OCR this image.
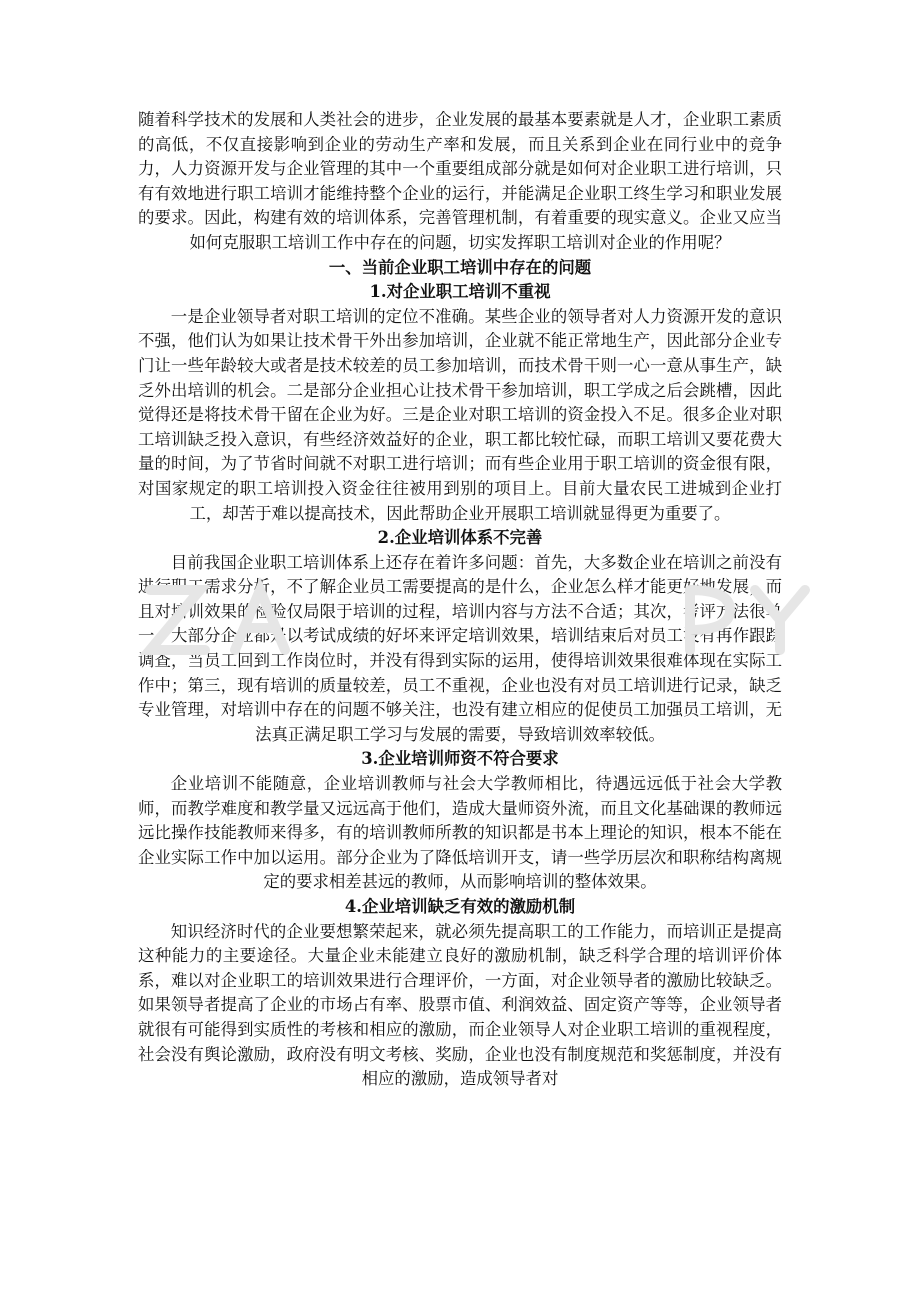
随着科学技术的发展和人类社会的进步，企业发展的最基本要素就是人才，企业职工素质的高低，不仅直接影响到企业的劳动生产率和发展，而且关系到企业在同行业中的竞争力，人力资源开发与企业管理的其中一个重要组成部分就是如何对企业职工进行培训，只有有效地进行职工培训才能维持整个企业的运行，并能满足企业职工终生学习和职业发展的要求。因此，构建有效的培训体系，完善管理机制，有着重要的现实意义。企业又应当如何克服职工培训工作中存在的问题，切实发挥职工培训对企业的作用呢？

一、当前企业职工培训中存在的问题
1.对企业职工培训不重视

一是企业领导者对职工培训的定位不准确。某些企业的领导者对人力资源开发的意识不强，他们认为如果让技术骨干外出参加培训，企业就不能正常地生产，因此部分企业专门让一些年龄较大或者是技术较差的员工参加培训，而技术骨干则一心一意从事生产，缺乏外出培训的机会。二是部分企业担心让技术骨干参加培训，职工学成之后会跳槽，因此觉得还是将技术骨干留在企业为好。三是企业对职工培训的资金投入不足。很多企业对职工培训缺乏投入意识，有些经济效益好的企业，职工都比较忙碌，而职工培训又要花费大量的时间，为了节省时间就不对职工进行培训；而有些企业用于职工培训的资金很有限，对国家规定的职工培训投入资金往往被用到别的项目上。目前大量农民工进城到企业打工，却苦于难以提高技术，因此帮助企业开展职工培训就显得更为重要了。

2.企业培训体系不完善

目前我国企业职工培训体系上还存在着许多问题：首先，大多数企业在培训之前没有进行职工需求分析，不了解企业员工需要提高的是什么，企业怎么样才能更好地发展，而且对培训效果的检验仅局限于培训的过程，培训内容与方法不合适；其次，考评方法很单一，大部分企业都是以考试成绩的好坏来评定培训效果，培训结束后对员工没有再作跟踪调查，当员工回到工作岗位时，并没有得到实际的运用，使得培训效果很难体现在实际工作中；第三，现有培训的质量较差，员工不重视，企业也没有对员工培训进行记录，缺乏专业管理，对培训中存在的问题不够关注，也没有建立相应的促使员工加强员工培训，无法真正满足职工学习与发展的需要，导致培训效率较低。

3.企业培训师资不符合要求

企业培训不能随意，企业培训教师与社会大学教师相比，待遇远远低于社会大学教师，而教学难度和教学量又远远高于他们，造成大量师资外流，而且文化基础课的教师远远比操作技能教师来得多，有的培训教师所教的知识都是书本上理论的知识，根本不能在企业实际工作中加以运用。部分企业为了降低培训开支，请一些学历层次和职称结构离规定的要求相差甚远的教师，从而影响培训的整体效果。

4.企业培训缺乏有效的激励机制

知识经济时代的企业要想繁荣起来，就必须先提高职工的工作能力，而培训正是提高这种能力的主要途径。大量企业未能建立良好的激励机制，缺乏科学合理的培训评价体系，难以对企业职工的培训效果进行合理评价，一方面，对企业领导者的激励比较缺乏。如果领导者提高了企业的市场占有率、股票市值、利润效益、固定资产等等，企业领导者就很有可能得到实质性的考核和相应的激励，而企业领导人对企业职工培训的重视程度，社会没有舆论激励，政府没有明文考核、奖励，企业也没有制度规范和奖惩制度，并没有相应的激励，造成领导者对
